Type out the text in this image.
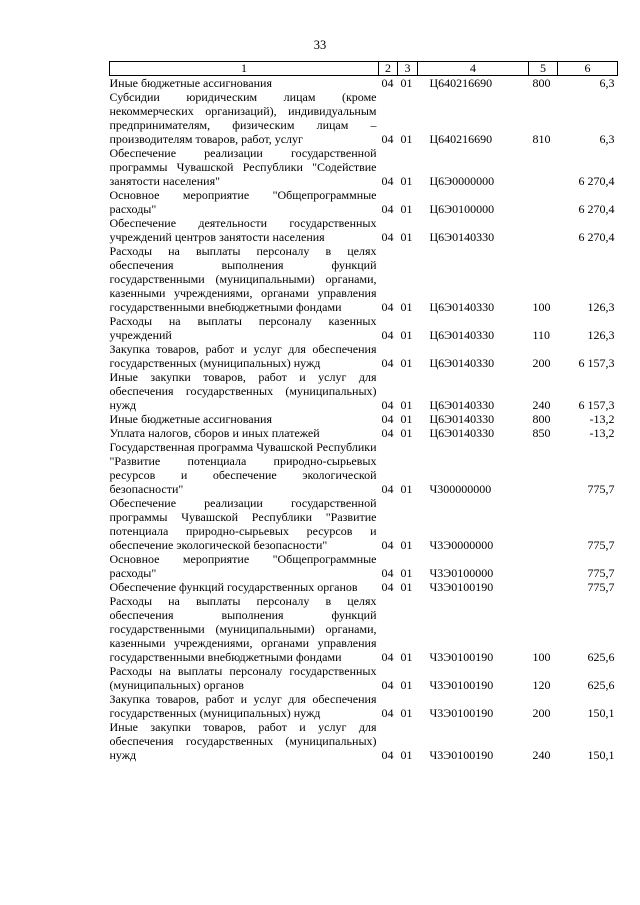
33
1	2	3	4	5	6
Иные бюджетные ассигнования	04	01	Ц640216690	800	6,3
Субсидии юридическим лицам (кроме некоммерческих организаций), индивидуальным предпринимателям, физическим лицам – производителям товаров, работ, услуг	04	01	Ц640216690	810	6,3
Обеспечение реализации государственной программы Чувашской Республики "Содействие занятости населения"	04	01	Ц6Э0000000		6 270,4
Основное мероприятие "Общепрограммные расходы"	04	01	Ц6Э0100000		6 270,4
Обеспечение деятельности государственных учреждений центров занятости населения	04	01	Ц6Э0140330		6 270,4
Расходы на выплаты персоналу в целях обеспечения выполнения функций государственными (муниципальными) органами, казенными учреждениями, органами управления государственными внебюджетными фондами	04	01	Ц6Э0140330	100	126,3
Расходы на выплаты персоналу казенных учреждений	04	01	Ц6Э0140330	110	126,3
Закупка товаров, работ и услуг для обеспечения государственных (муниципальных) нужд	04	01	Ц6Э0140330	200	6 157,3
Иные закупки товаров, работ и услуг для обеспечения государственных (муниципальных) нужд	04	01	Ц6Э0140330	240	6 157,3
Иные бюджетные ассигнования	04	01	Ц6Э0140330	800	-13,2
Уплата налогов, сборов и иных платежей	04	01	Ц6Э0140330	850	-13,2
Государственная программа Чувашской Республики "Развитие потенциала природно-сырьевых ресурсов и обеспечение экологической безопасности"	04	01	Ч300000000		775,7
Обеспечение реализации государственной программы Чувашской Республики "Развитие потенциала природно-сырьевых ресурсов и обеспечение экологической безопасности"	04	01	Ч3Э0000000		775,7
Основное мероприятие "Общепрограммные расходы"	04	01	Ч3Э0100000		775,7
Обеспечение функций государственных органов	04	01	Ч3Э0100190		775,7
Расходы на выплаты персоналу в целях обеспечения выполнения функций государственными (муниципальными) органами, казенными учреждениями, органами управления государственными внебюджетными фондами	04	01	Ч3Э0100190	100	625,6
Расходы на выплаты персоналу государственных (муниципальных) органов	04	01	Ч3Э0100190	120	625,6
Закупка товаров, работ и услуг для обеспечения государственных (муниципальных) нужд	04	01	Ч3Э0100190	200	150,1
Иные закупки товаров, работ и услуг для обеспечения государственных (муниципальных) нужд	04	01	Ч3Э0100190	240	150,1
